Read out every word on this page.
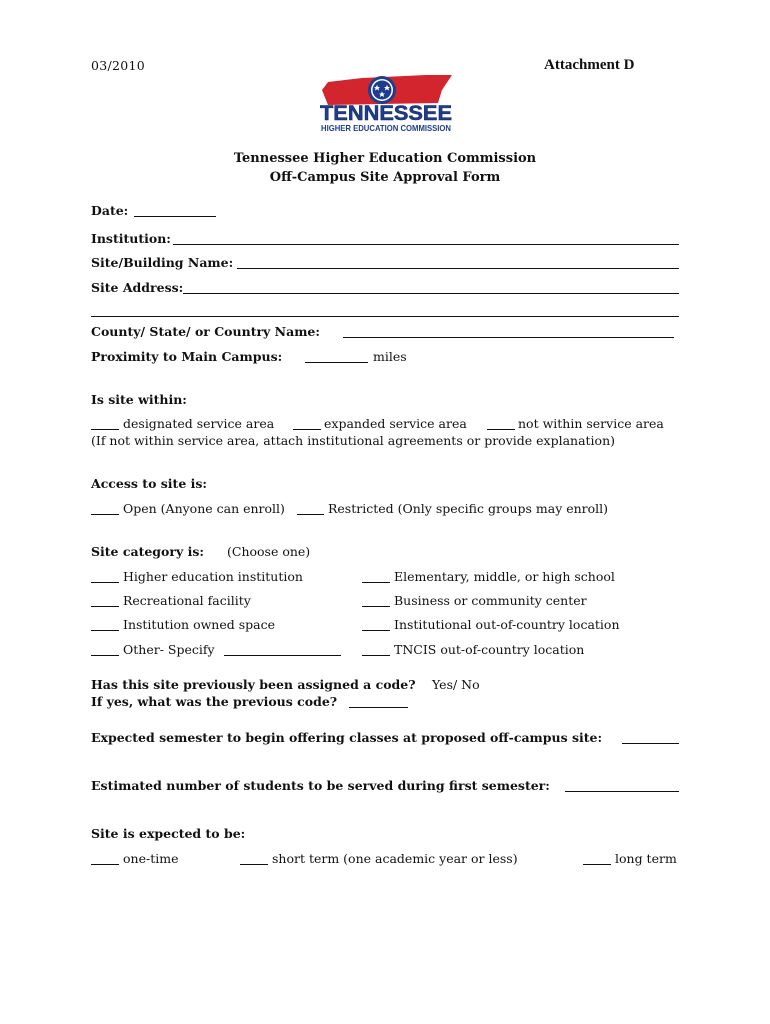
03/2010	Attachment D
TENNESSEE
HIGHER EDUCATION COMMISSION
Tennessee Higher Education Commission
Off-Campus Site Approval Form
Date:
Institution:
Site/Building Name:
Site Address:
County/ State/ or Country Name:
Proximity to Main Campus:	miles
Is site within:
designated service area	expanded service area	not within service area
(If not within service area, attach institutional agreements or provide explanation)
Access to site is:
Open (Anyone can enroll)	Restricted (Only specific groups may enroll)
Site category is: (Choose one)
Higher education institution	Elementary, middle, or high school
Recreational facility	Business or community center
Institution owned space	Institutional out-of-country location
Other- Specify	TNCIS out-of-country location
Has this site previously been assigned a code? Yes/ No
If yes, what was the previous code?
Expected semester to begin offering classes at proposed off-campus site:
Estimated number of students to be served during first semester:
Site is expected to be:
one-time	short term (one academic year or less)	long term
